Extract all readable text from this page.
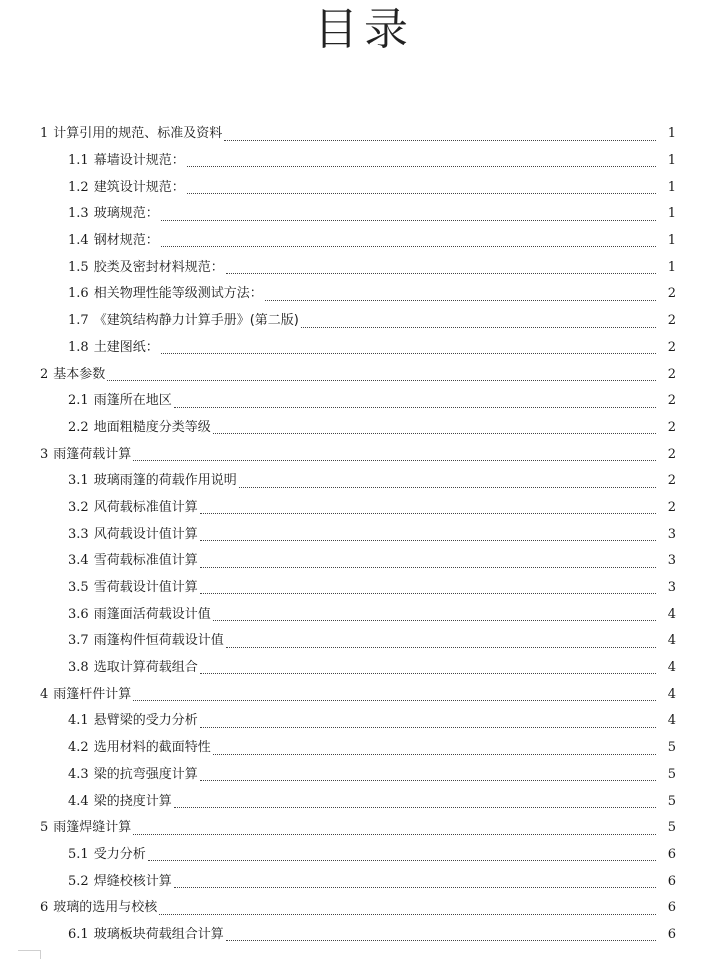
目录
1 计算引用的规范、标准及资料	1
1.1 幕墙设计规范：	1
1.2 建筑设计规范：	1
1.3 玻璃规范：	1
1.4 钢材规范：	1
1.5 胶类及密封材料规范：	1
1.6 相关物理性能等级测试方法：	2
1.7 《建筑结构静力计算手册》(第二版)	2
1.8 土建图纸：	2
2 基本参数	2
2.1 雨篷所在地区	2
2.2 地面粗糙度分类等级	2
3 雨篷荷载计算	2
3.1 玻璃雨篷的荷载作用说明	2
3.2 风荷载标准值计算	2
3.3 风荷载设计值计算	3
3.4 雪荷载标准值计算	3
3.5 雪荷载设计值计算	3
3.6 雨篷面活荷载设计值	4
3.7 雨篷构件恒荷载设计值	4
3.8 选取计算荷载组合	4
4 雨篷杆件计算	4
4.1 悬臂梁的受力分析	4
4.2 选用材料的截面特性	5
4.3 梁的抗弯强度计算	5
4.4 梁的挠度计算	5
5 雨篷焊缝计算	5
5.1 受力分析	6
5.2 焊缝校核计算	6
6 玻璃的选用与校核	6
6.1 玻璃板块荷载组合计算	6
